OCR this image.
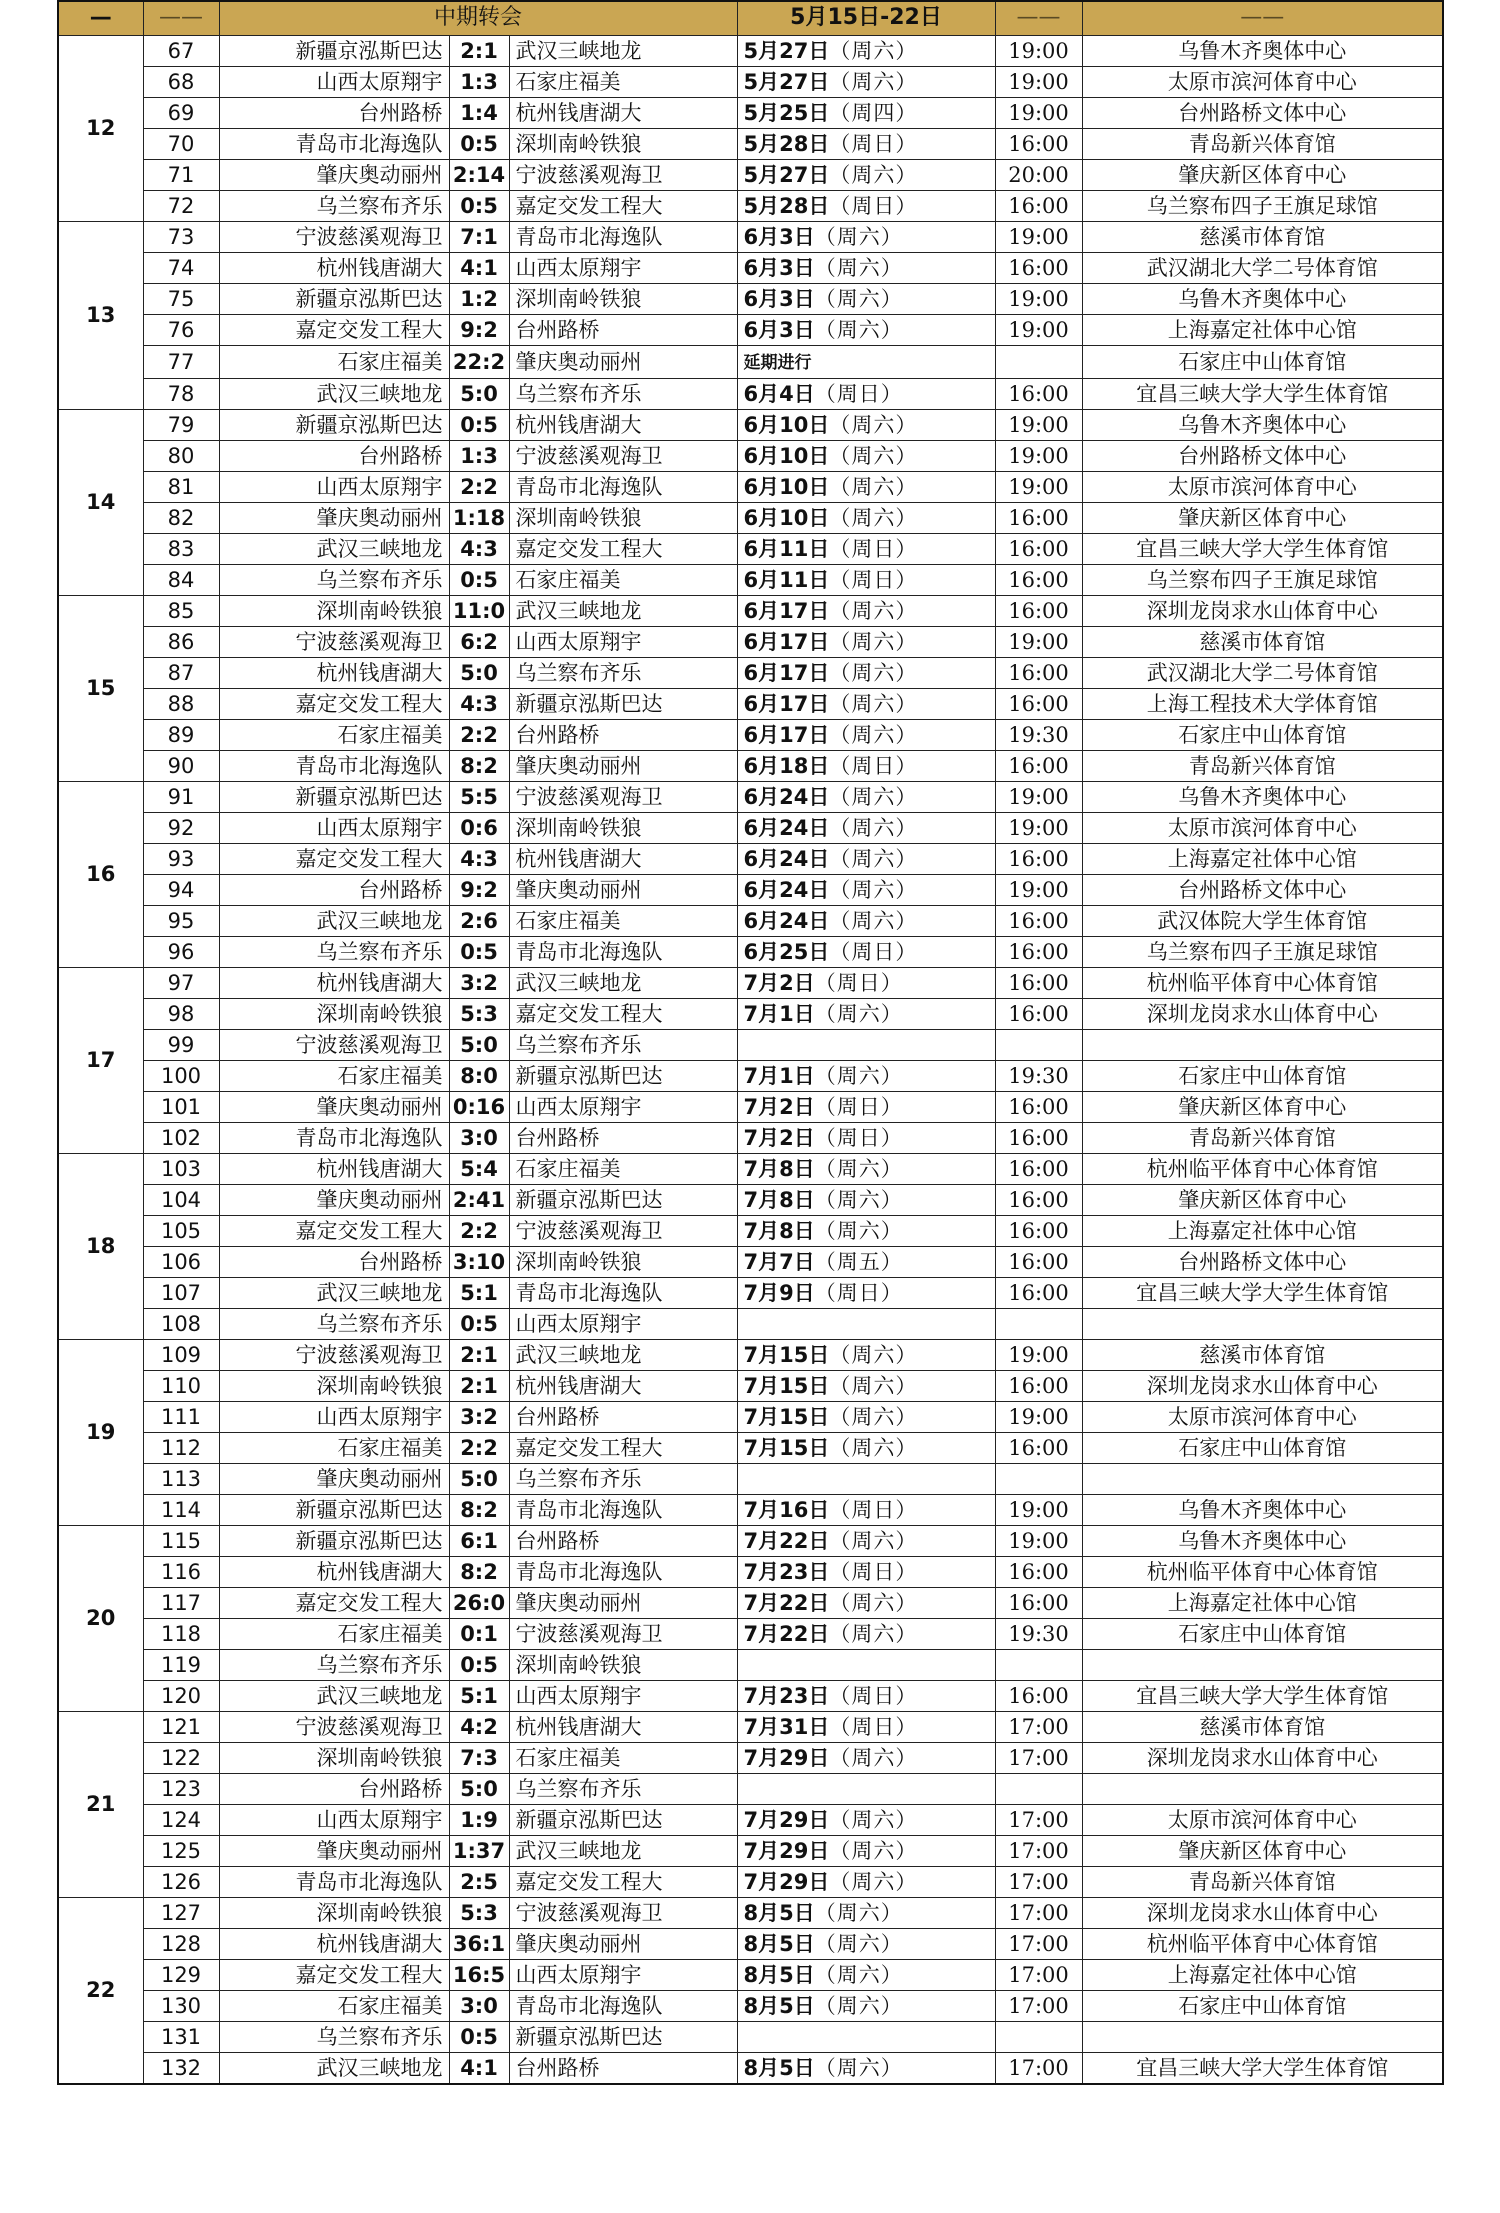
—	——	中期转会			5月15日-22日	——	——
12	67	新疆京泓斯巴达	2:1	武汉三峡地龙	5月27日（周六）	19:00	乌鲁木齐奥体中心
	68	山西太原翔宇	1:3	石家庄福美	5月27日（周六）	19:00	太原市滨河体育中心
	69	台州路桥	1:4	杭州钱唐湖大	5月25日（周四）	19:00	台州路桥文体中心
	70	青岛市北海逸队	0:5	深圳南岭铁狼	5月28日（周日）	16:00	青岛新兴体育馆
	71	肇庆奥动丽州	2:14	宁波慈溪观海卫	5月27日（周六）	20:00	肇庆新区体育中心
	72	乌兰察布齐乐	0:5	嘉定交发工程大	5月28日（周日）	16:00	乌兰察布四子王旗足球馆
13	73	宁波慈溪观海卫	7:1	青岛市北海逸队	6月3日（周六）	19:00	慈溪市体育馆
	74	杭州钱唐湖大	4:1	山西太原翔宇	6月3日（周六）	16:00	武汉湖北大学二号体育馆
	75	新疆京泓斯巴达	1:2	深圳南岭铁狼	6月3日（周六）	19:00	乌鲁木齐奥体中心
	76	嘉定交发工程大	9:2	台州路桥	6月3日（周六）	19:00	上海嘉定社体中心馆
	77	石家庄福美	22:2	肇庆奥动丽州	延期进行		石家庄中山体育馆
	78	武汉三峡地龙	5:0	乌兰察布齐乐	6月4日（周日）	16:00	宜昌三峡大学大学生体育馆
14	79	新疆京泓斯巴达	0:5	杭州钱唐湖大	6月10日（周六）	19:00	乌鲁木齐奥体中心
	80	台州路桥	1:3	宁波慈溪观海卫	6月10日（周六）	19:00	台州路桥文体中心
	81	山西太原翔宇	2:2	青岛市北海逸队	6月10日（周六）	19:00	太原市滨河体育中心
	82	肇庆奥动丽州	1:18	深圳南岭铁狼	6月10日（周六）	16:00	肇庆新区体育中心
	83	武汉三峡地龙	4:3	嘉定交发工程大	6月11日（周日）	16:00	宜昌三峡大学大学生体育馆
	84	乌兰察布齐乐	0:5	石家庄福美	6月11日（周日）	16:00	乌兰察布四子王旗足球馆
15	85	深圳南岭铁狼	11:0	武汉三峡地龙	6月17日（周六）	16:00	深圳龙岗求水山体育中心
	86	宁波慈溪观海卫	6:2	山西太原翔宇	6月17日（周六）	19:00	慈溪市体育馆
	87	杭州钱唐湖大	5:0	乌兰察布齐乐	6月17日（周六）	16:00	武汉湖北大学二号体育馆
	88	嘉定交发工程大	4:3	新疆京泓斯巴达	6月17日（周六）	16:00	上海工程技术大学体育馆
	89	石家庄福美	2:2	台州路桥	6月17日（周六）	19:30	石家庄中山体育馆
	90	青岛市北海逸队	8:2	肇庆奥动丽州	6月18日（周日）	16:00	青岛新兴体育馆
16	91	新疆京泓斯巴达	5:5	宁波慈溪观海卫	6月24日（周六）	19:00	乌鲁木齐奥体中心
	92	山西太原翔宇	0:6	深圳南岭铁狼	6月24日（周六）	19:00	太原市滨河体育中心
	93	嘉定交发工程大	4:3	杭州钱唐湖大	6月24日（周六）	16:00	上海嘉定社体中心馆
	94	台州路桥	9:2	肇庆奥动丽州	6月24日（周六）	19:00	台州路桥文体中心
	95	武汉三峡地龙	2:6	石家庄福美	6月24日（周六）	16:00	武汉体院大学生体育馆
	96	乌兰察布齐乐	0:5	青岛市北海逸队	6月25日（周日）	16:00	乌兰察布四子王旗足球馆
17	97	杭州钱唐湖大	3:2	武汉三峡地龙	7月2日（周日）	16:00	杭州临平体育中心体育馆
	98	深圳南岭铁狼	5:3	嘉定交发工程大	7月1日（周六）	16:00	深圳龙岗求水山体育中心
	99	宁波慈溪观海卫	5:0	乌兰察布齐乐			
	100	石家庄福美	8:0	新疆京泓斯巴达	7月1日（周六）	19:30	石家庄中山体育馆
	101	肇庆奥动丽州	0:16	山西太原翔宇	7月2日（周日）	16:00	肇庆新区体育中心
	102	青岛市北海逸队	3:0	台州路桥	7月2日（周日）	16:00	青岛新兴体育馆
18	103	杭州钱唐湖大	5:4	石家庄福美	7月8日（周六）	16:00	杭州临平体育中心体育馆
	104	肇庆奥动丽州	2:41	新疆京泓斯巴达	7月8日（周六）	16:00	肇庆新区体育中心
	105	嘉定交发工程大	2:2	宁波慈溪观海卫	7月8日（周六）	16:00	上海嘉定社体中心馆
	106	台州路桥	3:10	深圳南岭铁狼	7月7日（周五）	16:00	台州路桥文体中心
	107	武汉三峡地龙	5:1	青岛市北海逸队	7月9日（周日）	16:00	宜昌三峡大学大学生体育馆
	108	乌兰察布齐乐	0:5	山西太原翔宇			
19	109	宁波慈溪观海卫	2:1	武汉三峡地龙	7月15日（周六）	19:00	慈溪市体育馆
	110	深圳南岭铁狼	2:1	杭州钱唐湖大	7月15日（周六）	16:00	深圳龙岗求水山体育中心
	111	山西太原翔宇	3:2	台州路桥	7月15日（周六）	19:00	太原市滨河体育中心
	112	石家庄福美	2:2	嘉定交发工程大	7月15日（周六）	16:00	石家庄中山体育馆
	113	肇庆奥动丽州	5:0	乌兰察布齐乐			
	114	新疆京泓斯巴达	8:2	青岛市北海逸队	7月16日（周日）	19:00	乌鲁木齐奥体中心
20	115	新疆京泓斯巴达	6:1	台州路桥	7月22日（周六）	19:00	乌鲁木齐奥体中心
	116	杭州钱唐湖大	8:2	青岛市北海逸队	7月23日（周日）	16:00	杭州临平体育中心体育馆
	117	嘉定交发工程大	26:0	肇庆奥动丽州	7月22日（周六）	16:00	上海嘉定社体中心馆
	118	石家庄福美	0:1	宁波慈溪观海卫	7月22日（周六）	19:30	石家庄中山体育馆
	119	乌兰察布齐乐	0:5	深圳南岭铁狼			
	120	武汉三峡地龙	5:1	山西太原翔宇	7月23日（周日）	16:00	宜昌三峡大学大学生体育馆
21	121	宁波慈溪观海卫	4:2	杭州钱唐湖大	7月31日（周日）	17:00	慈溪市体育馆
	122	深圳南岭铁狼	7:3	石家庄福美	7月29日（周六）	17:00	深圳龙岗求水山体育中心
	123	台州路桥	5:0	乌兰察布齐乐			
	124	山西太原翔宇	1:9	新疆京泓斯巴达	7月29日（周六）	17:00	太原市滨河体育中心
	125	肇庆奥动丽州	1:37	武汉三峡地龙	7月29日（周六）	17:00	肇庆新区体育中心
	126	青岛市北海逸队	2:5	嘉定交发工程大	7月29日（周六）	17:00	青岛新兴体育馆
22	127	深圳南岭铁狼	5:3	宁波慈溪观海卫	8月5日（周六）	17:00	深圳龙岗求水山体育中心
	128	杭州钱唐湖大	36:1	肇庆奥动丽州	8月5日（周六）	17:00	杭州临平体育中心体育馆
	129	嘉定交发工程大	16:5	山西太原翔宇	8月5日（周六）	17:00	上海嘉定社体中心馆
	130	石家庄福美	3:0	青岛市北海逸队	8月5日（周六）	17:00	石家庄中山体育馆
	131	乌兰察布齐乐	0:5	新疆京泓斯巴达			
	132	武汉三峡地龙	4:1	台州路桥	8月5日（周六）	17:00	宜昌三峡大学大学生体育馆
